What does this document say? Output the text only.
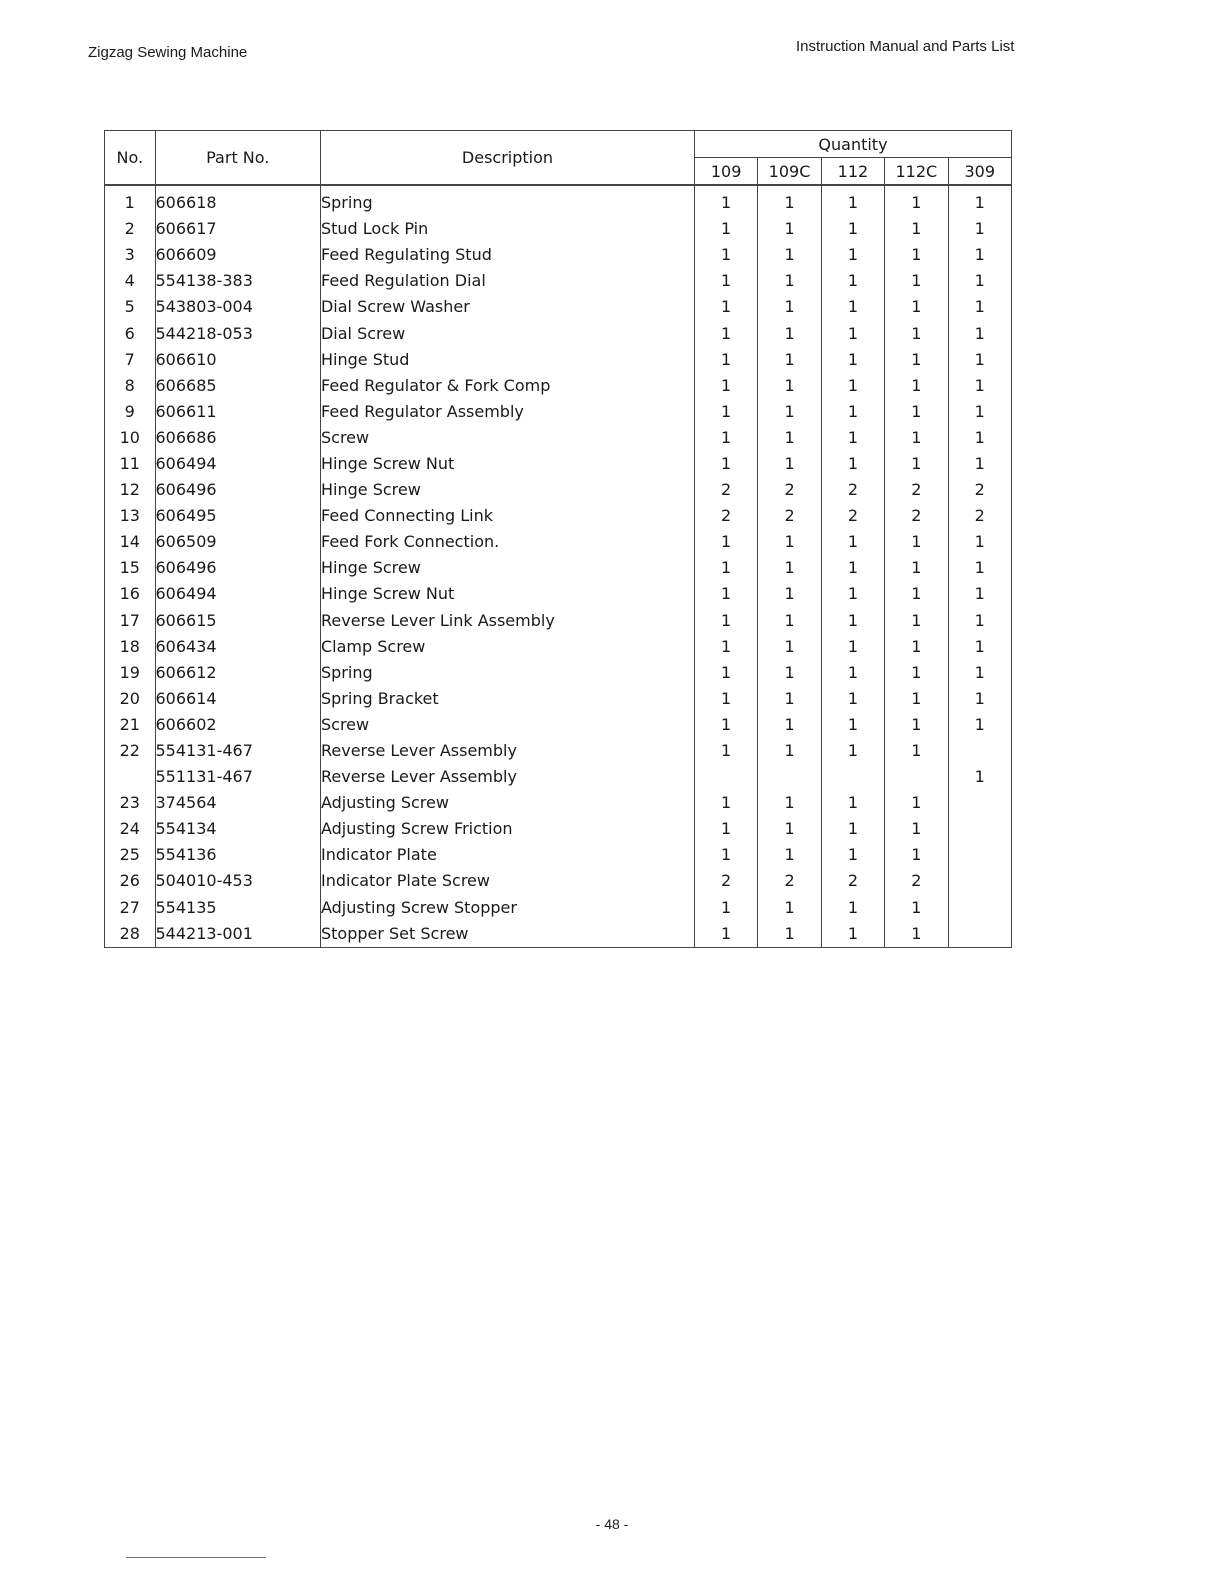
Zigzag Sewing Machine	Instruction Manual and Parts List
No.	Part No.	Description	Quantity				
			109	109C	112	112C	309
1	606618	Spring	1	1	1	1	1
2	606617	Stud Lock Pin	1	1	1	1	1
3	606609	Feed Regulating Stud	1	1	1	1	1
4	554138-383	Feed Regulation Dial	1	1	1	1	1
5	543803-004	Dial Screw Washer	1	1	1	1	1
6	544218-053	Dial Screw	1	1	1	1	1
7	606610	Hinge Stud	1	1	1	1	1
8	606685	Feed Regulator & Fork Comp	1	1	1	1	1
9	606611	Feed Regulator Assembly	1	1	1	1	1
10	606686	Screw	1	1	1	1	1
11	606494	Hinge Screw Nut	1	1	1	1	1
12	606496	Hinge Screw	2	2	2	2	2
13	606495	Feed Connecting Link	2	2	2	2	2
14	606509	Feed Fork Connection.	1	1	1	1	1
15	606496	Hinge Screw	1	1	1	1	1
16	606494	Hinge Screw Nut	1	1	1	1	1
17	606615	Reverse Lever Link Assembly	1	1	1	1	1
18	606434	Clamp Screw	1	1	1	1	1
19	606612	Spring	1	1	1	1	1
20	606614	Spring Bracket	1	1	1	1	1
21	606602	Screw	1	1	1	1	1
22	554131-467	Reverse Lever Assembly	1	1	1	1	
	551131-467	Reverse Lever Assembly					1
23	374564	Adjusting Screw	1	1	1	1	
24	554134	Adjusting Screw Friction	1	1	1	1	
25	554136	Indicator Plate	1	1	1	1	
26	504010-453	Indicator Plate Screw	2	2	2	2	
27	554135	Adjusting Screw Stopper	1	1	1	1	
28	544213-001	Stopper Set Screw	1	1	1	1	
- 48 -
